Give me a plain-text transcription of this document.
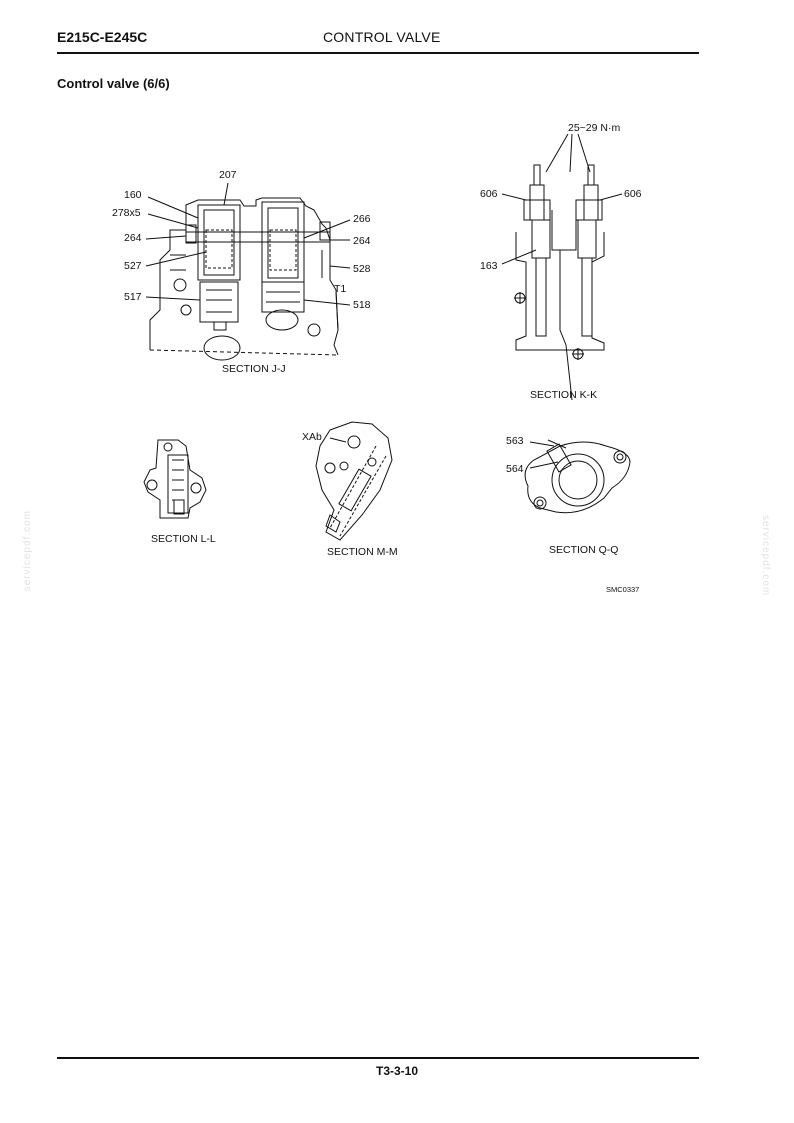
E215C-E245C	CONTROL VALVE
Control valve (6/6)
servicepdf.com	servicepdf.com
207
160
278x5
264
527
517
266
264
528
T1
518
SECTION J-J
25~29 N·m
606	606
163
SECTION K-K
SECTION L-L
XAb
SECTION M-M
563
564
SECTION Q-Q
SMC0337
T3-3-10
